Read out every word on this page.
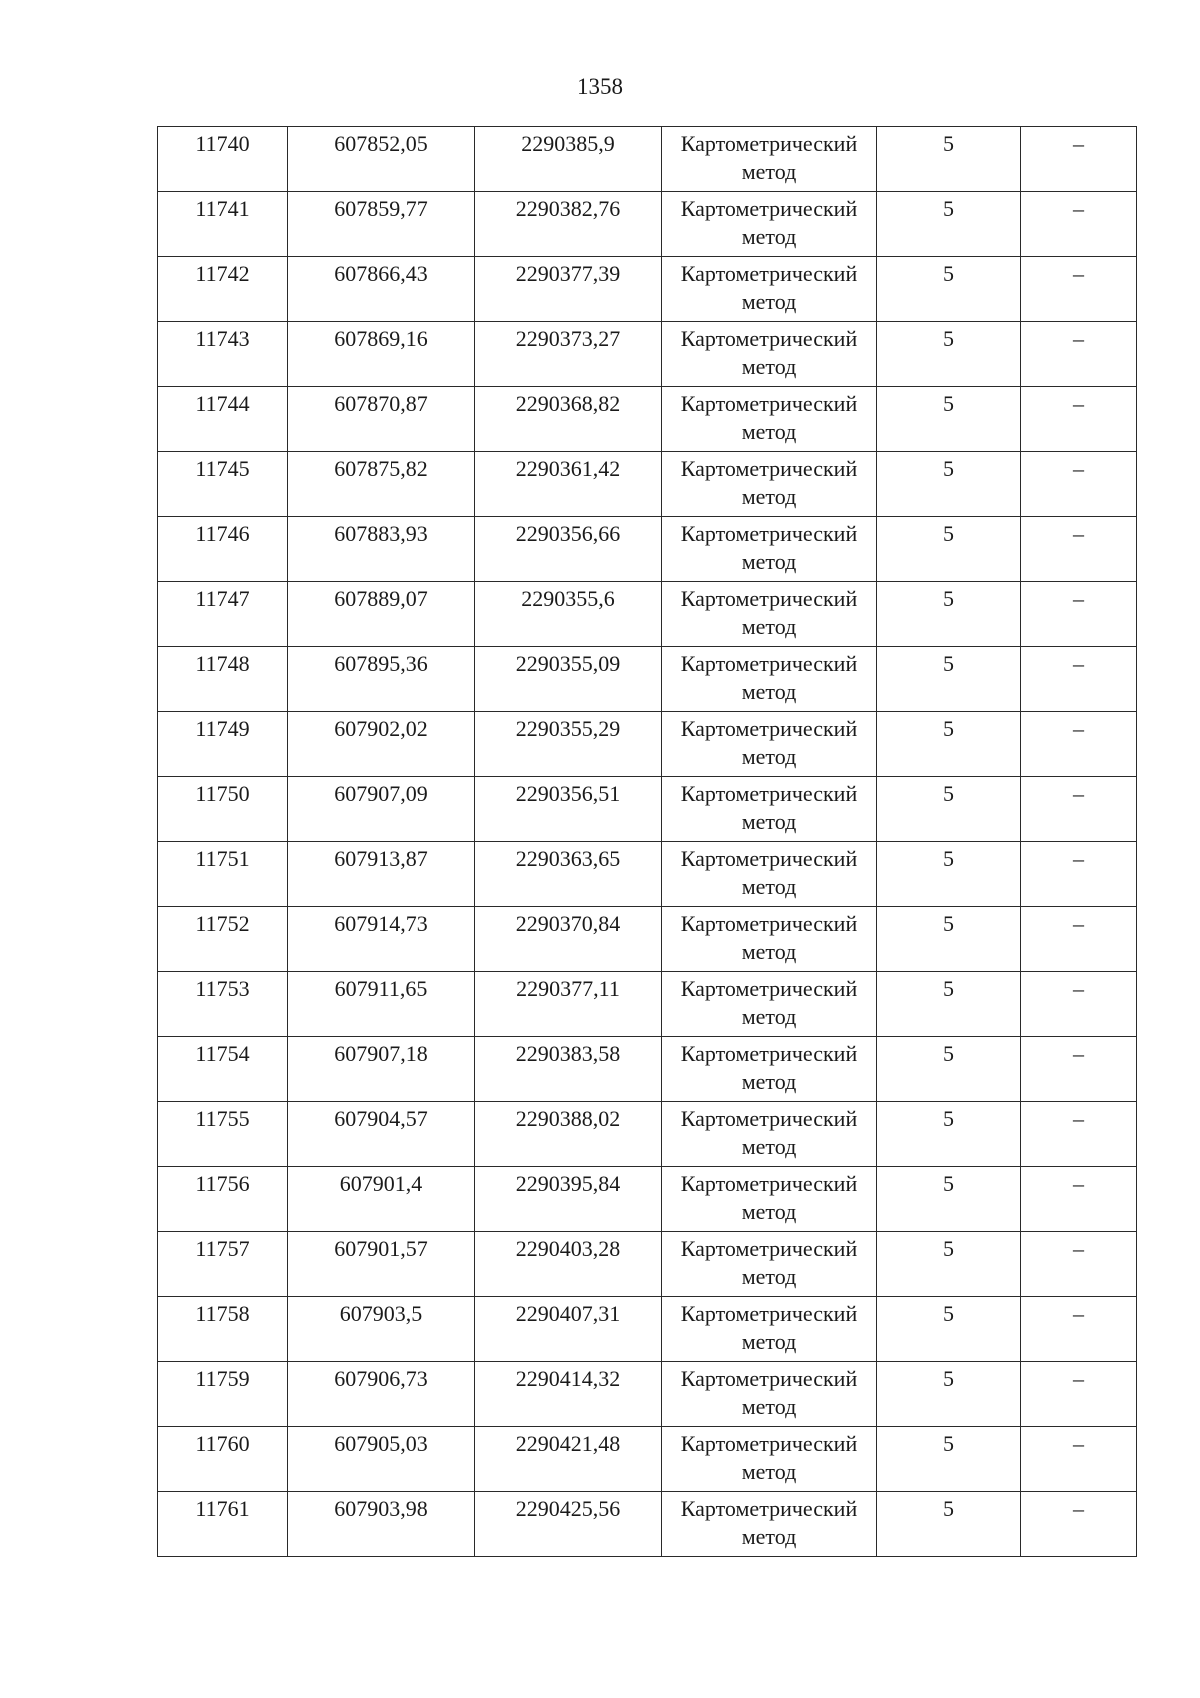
1358
11740	607852,05	2290385,9	Картометрический метод	5	–

11741	607859,77	2290382,76	Картометрический метод	5	–

11742	607866,43	2290377,39	Картометрический метод	5	–

11743	607869,16	2290373,27	Картометрический метод	5	–

11744	607870,87	2290368,82	Картометрический метод	5	–

11745	607875,82	2290361,42	Картометрический метод	5	–

11746	607883,93	2290356,66	Картометрический метод	5	–

11747	607889,07	2290355,6	Картометрический метод	5	–

11748	607895,36	2290355,09	Картометрический метод	5	–

11749	607902,02	2290355,29	Картометрический метод	5	–

11750	607907,09	2290356,51	Картометрический метод	5	–

11751	607913,87	2290363,65	Картометрический метод	5	–

11752	607914,73	2290370,84	Картометрический метод	5	–

11753	607911,65	2290377,11	Картометрический метод	5	–

11754	607907,18	2290383,58	Картометрический метод	5	–

11755	607904,57	2290388,02	Картометрический метод	5	–

11756	607901,4	2290395,84	Картометрический метод	5	–

11757	607901,57	2290403,28	Картометрический метод	5	–

11758	607903,5	2290407,31	Картометрический метод	5	–

11759	607906,73	2290414,32	Картометрический метод	5	–

11760	607905,03	2290421,48	Картометрический метод	5	–

11761	607903,98	2290425,56	Картометрический метод	5	–
